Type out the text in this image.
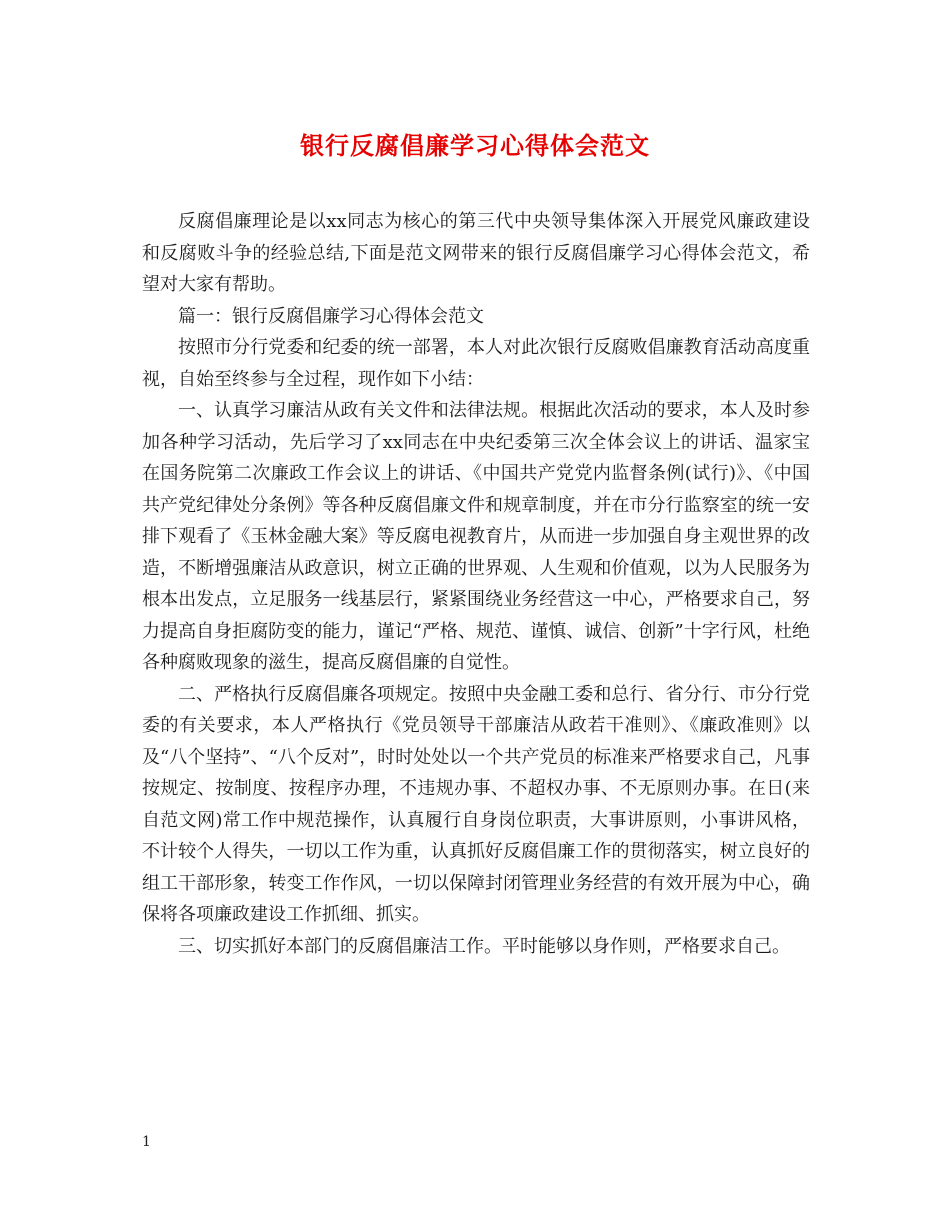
银行反腐倡廉学习心得体会范文

反腐倡廉理论是以xx同志为核心的第三代中央领导集体深入开展党风廉政建设和反腐败斗争的经验总结,下面是范文网带来的银行反腐倡廉学习心得体会范文，希望对大家有帮助。

篇一：银行反腐倡廉学习心得体会范文

按照市分行党委和纪委的统一部署，本人对此次银行反腐败倡廉教育活动高度重视，自始至终参与全过程，现作如下小结：

一、认真学习廉洁从政有关文件和法律法规。根据此次活动的要求，本人及时参加各种学习活动，先后学习了xx同志在中央纪委第三次全体会议上的讲话、温家宝在国务院第二次廉政工作会议上的讲话、《中国共产党党内监督条例(试行)》、《中国共产党纪律处分条例》等各种反腐倡廉文件和规章制度，并在市分行监察室的统一安排下观看了《玉林金融大案》等反腐电视教育片，从而进一步加强自身主观世界的改造，不断增强廉洁从政意识，树立正确的世界观、人生观和价值观，以为人民服务为根本出发点，立足服务一线基层行，紧紧围绕业务经营这一中心，严格要求自己，努力提高自身拒腐防变的能力，谨记“严格、规范、谨慎、诚信、创新”十字行风，杜绝各种腐败现象的滋生，提高反腐倡廉的自觉性。

二、严格执行反腐倡廉各项规定。按照中央金融工委和总行、省分行、市分行党委的有关要求，本人严格执行《党员领导干部廉洁从政若干准则》、《廉政准则》以及“八个坚持”、“八个反对”，时时处处以一个共产党员的标准来严格要求自己，凡事按规定、按制度、按程序办理，不违规办事、不超权办事、不无原则办事。在日(来自范文网)常工作中规范操作，认真履行自身岗位职责，大事讲原则，小事讲风格，不计较个人得失，一切以工作为重，认真抓好反腐倡廉工作的贯彻落实，树立良好的组工干部形象，转变工作作风，一切以保障封闭管理业务经营的有效开展为中心，确保将各项廉政建设工作抓细、抓实。

三、切实抓好本部门的反腐倡廉洁工作。平时能够以身作则，严格要求自己。

1
